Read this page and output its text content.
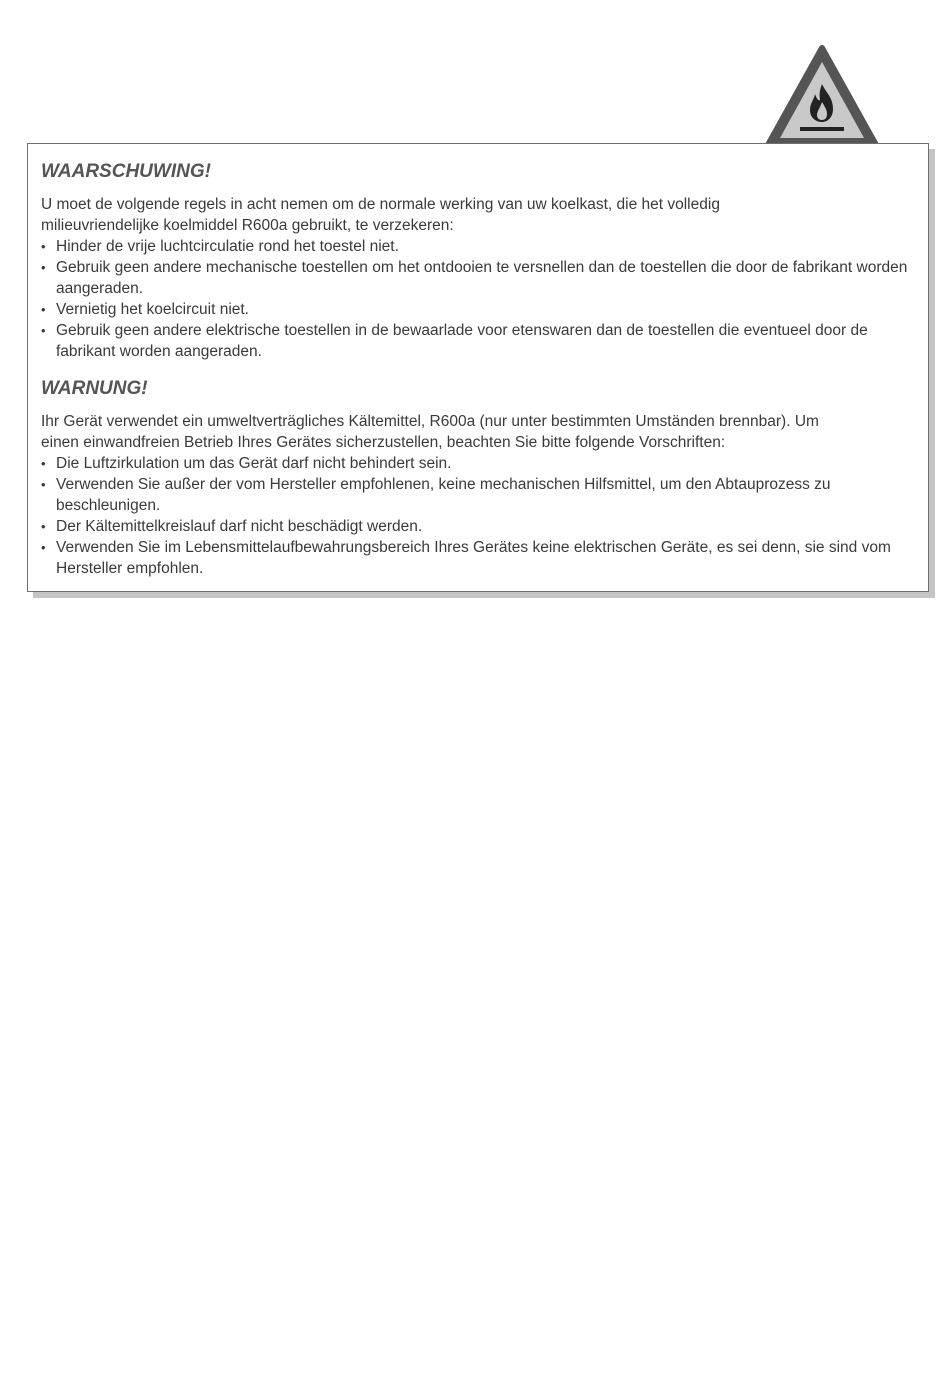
WAARSCHUWING!

U moet de volgende regels in acht nemen om de normale werking van uw koelkast, die het volledig
milieuvriendelijke koelmiddel R600a gebruikt, te verzekeren:

• Hinder de vrije luchtcirculatie rond het toestel niet.
• Gebruik geen andere mechanische toestellen om het ontdooien te versnellen dan de toestellen die door de fabrikant worden aangeraden.
• Vernietig het koelcircuit niet.
• Gebruik geen andere elektrische toestellen in de bewaarlade voor etenswaren dan de toestellen die eventueel door de fabrikant worden aangeraden.
WARNUNG!

Ihr Gerät verwendet ein umweltverträgliches Kältemittel, R600a (nur unter bestimmten Umständen brennbar). Um
einen einwandfreien Betrieb Ihres Gerätes sicherzustellen, beachten Sie bitte folgende Vorschriften:

• Die Luftzirkulation um das Gerät darf nicht behindert sein.
• Verwenden Sie außer der vom Hersteller empfohlenen, keine mechanischen Hilfsmittel, um den Abtauprozess zu beschleunigen.
• Der Kältemittelkreislauf darf nicht beschädigt werden.
• Verwenden Sie im Lebensmittelaufbewahrungsbereich Ihres Gerätes keine elektrischen Geräte, es sei denn, sie sind vom Hersteller empfohlen.
